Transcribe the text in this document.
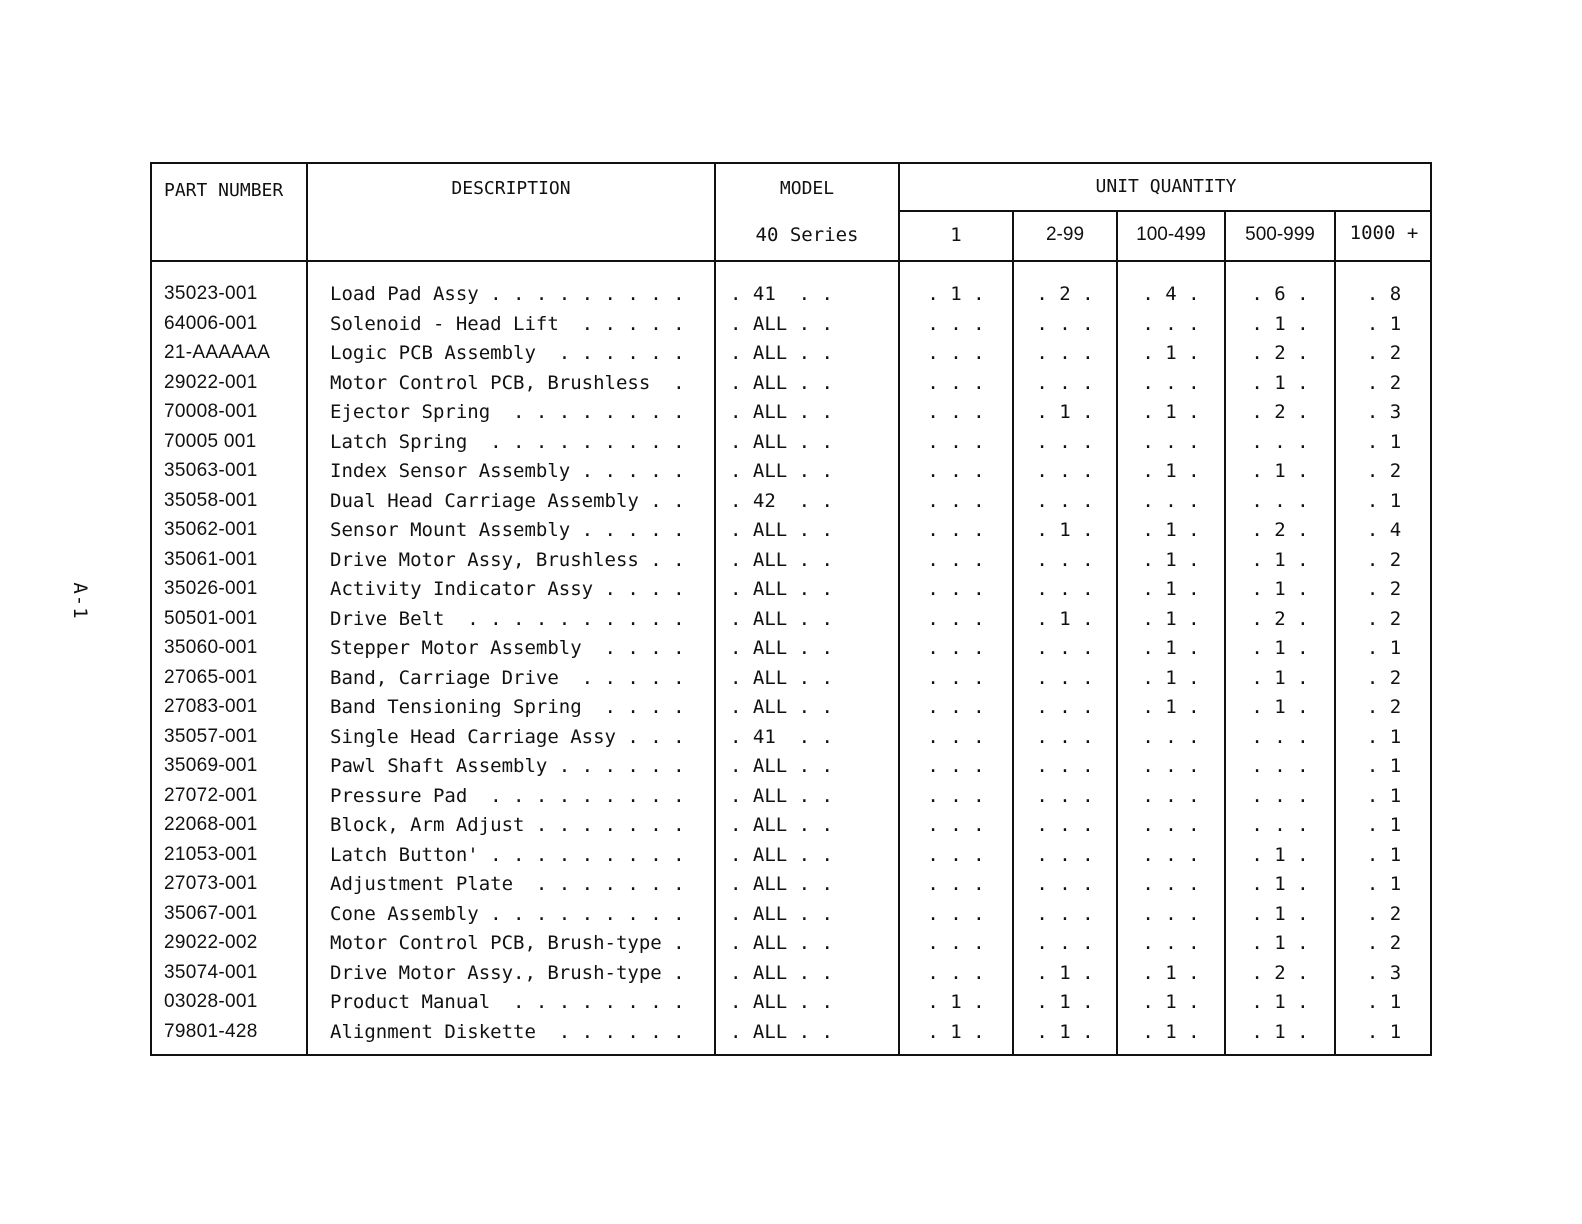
A-1
PART NUMBER	DESCRIPTION	MODEL
40 Series
UNIT QUANTITY
1	2-99	100-499	500-999	1000 +
35023-001	Load Pad Assy . . . . . . . . .	. 41  . .	. 1 .	. 2 .	. 4 .	. 6 .	. 8
64006-001	Solenoid - Head Lift  . . . . .	. ALL . .	. . .	. . .	. . .	. 1 .	. 1
21-AAAAAA	Logic PCB Assembly  . . . . . .	. ALL . .	. . .	. . .	. 1 .	. 2 .	. 2
29022-001	Motor Control PCB, Brushless  .	. ALL . .	. . .	. . .	. . .	. 1 .	. 2
70008-001	Ejector Spring  . . . . . . . .	. ALL . .	. . .	. 1 .	. 1 .	. 2 .	. 3
70005 001	Latch Spring  . . . . . . . . .	. ALL . .	. . .	. . .	. . .	. . .	. 1
35063-001	Index Sensor Assembly . . . . .	. ALL . .	. . .	. . .	. 1 .	. 1 .	. 2
35058-001	Dual Head Carriage Assembly . .	. 42  . .	. . .	. . .	. . .	. . .	. 1
35062-001	Sensor Mount Assembly . . . . .	. ALL . .	. . .	. 1 .	. 1 .	. 2 .	. 4
35061-001	Drive Motor Assy, Brushless . .	. ALL . .	. . .	. . .	. 1 .	. 1 .	. 2
35026-001	Activity Indicator Assy . . . .	. ALL . .	. . .	. . .	. 1 .	. 1 .	. 2
50501-001	Drive Belt  . . . . . . . . . .	. ALL . .	. . .	. 1 .	. 1 .	. 2 .	. 2
35060-001	Stepper Motor Assembly  . . . .	. ALL . .	. . .	. . .	. 1 .	. 1 .	. 1
27065-001	Band, Carriage Drive  . . . . .	. ALL . .	. . .	. . .	. 1 .	. 1 .	. 2
27083-001	Band Tensioning Spring  . . . .	. ALL . .	. . .	. . .	. 1 .	. 1 .	. 2
35057-001	Single Head Carriage Assy . . .	. 41  . .	. . .	. . .	. . .	. . .	. 1
35069-001	Pawl Shaft Assembly . . . . . .	. ALL . .	. . .	. . .	. . .	. . .	. 1
27072-001	Pressure Pad  . . . . . . . . .	. ALL . .	. . .	. . .	. . .	. . .	. 1
22068-001	Block, Arm Adjust . . . . . . .	. ALL . .	. . .	. . .	. . .	. . .	. 1
21053-001	Latch Button' . . . . . . . . .	. ALL . .	. . .	. . .	. . .	. 1 .	. 1
27073-001	Adjustment Plate  . . . . . . .	. ALL . .	. . .	. . .	. . .	. 1 .	. 1
35067-001	Cone Assembly . . . . . . . . .	. ALL . .	. . .	. . .	. . .	. 1 .	. 2
29022-002	Motor Control PCB, Brush-type .	. ALL . .	. . .	. . .	. . .	. 1 .	. 2
35074-001	Drive Motor Assy., Brush-type .	. ALL . .	. . .	. 1 .	. 1 .	. 2 .	. 3
03028-001	Product Manual  . . . . . . . .	. ALL . .	. 1 .	. 1 .	. 1 .	. 1 .	. 1
79801-428	Alignment Diskette  . . . . . .	. ALL . .	. 1 .	. 1 .	. 1 .	. 1 .	. 1
